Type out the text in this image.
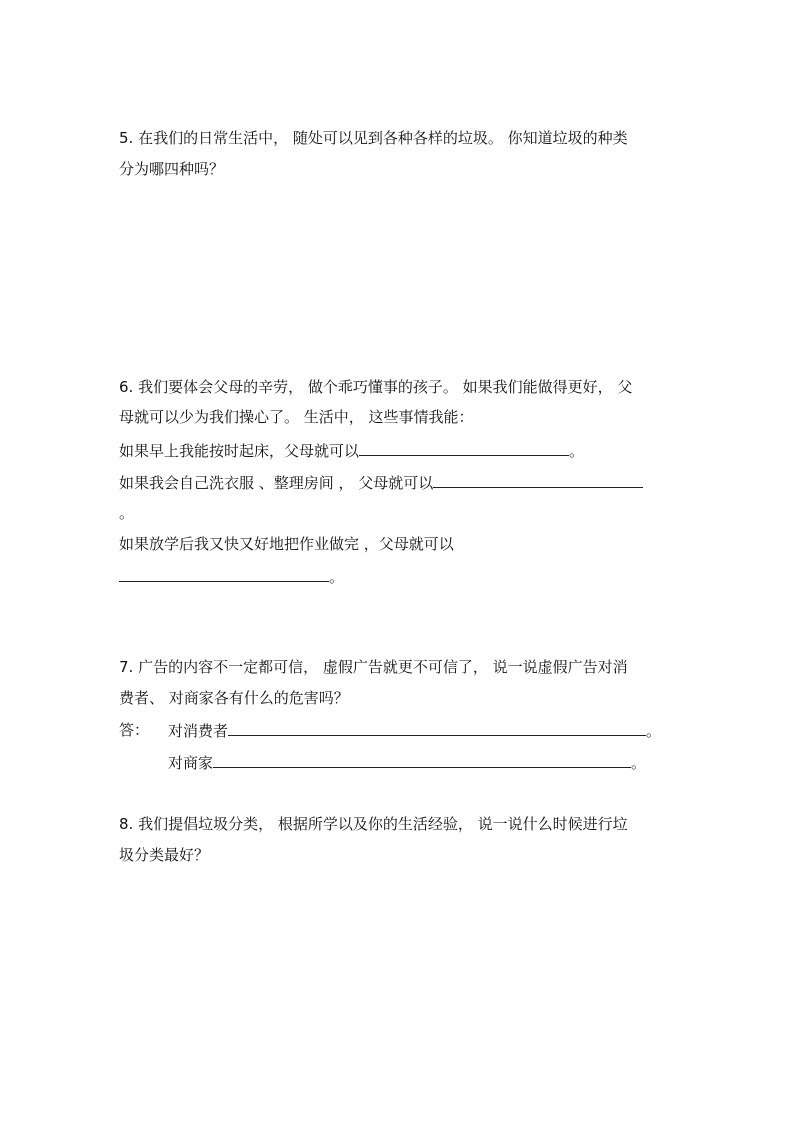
5. 在我们的日常生活中， 随处可以见到各种各样的垃圾。 你知道垃圾的种类
分为哪四种吗？
6. 我们要体会父母的辛劳， 做个乖巧懂事的孩子。 如果我们能做得更好， 父
母就可以少为我们操心了。 生活中， 这些事情我能：
如果早上我能按时起床，父母就可以	。
如果我会自己洗衣服 、整理房间 ， 父母就可以
。
如果放学后我又快又好地把作业做完 ，父母就可以
。
7. 广告的内容不一定都可信， 虚假广告就更不可信了， 说一说虚假广告对消
费者、 对商家各有什么的危害吗？
答： 对消费者	。
对商家	。
8. 我们提倡垃圾分类， 根据所学以及你的生活经验， 说一说什么时候进行垃
圾分类最好？
